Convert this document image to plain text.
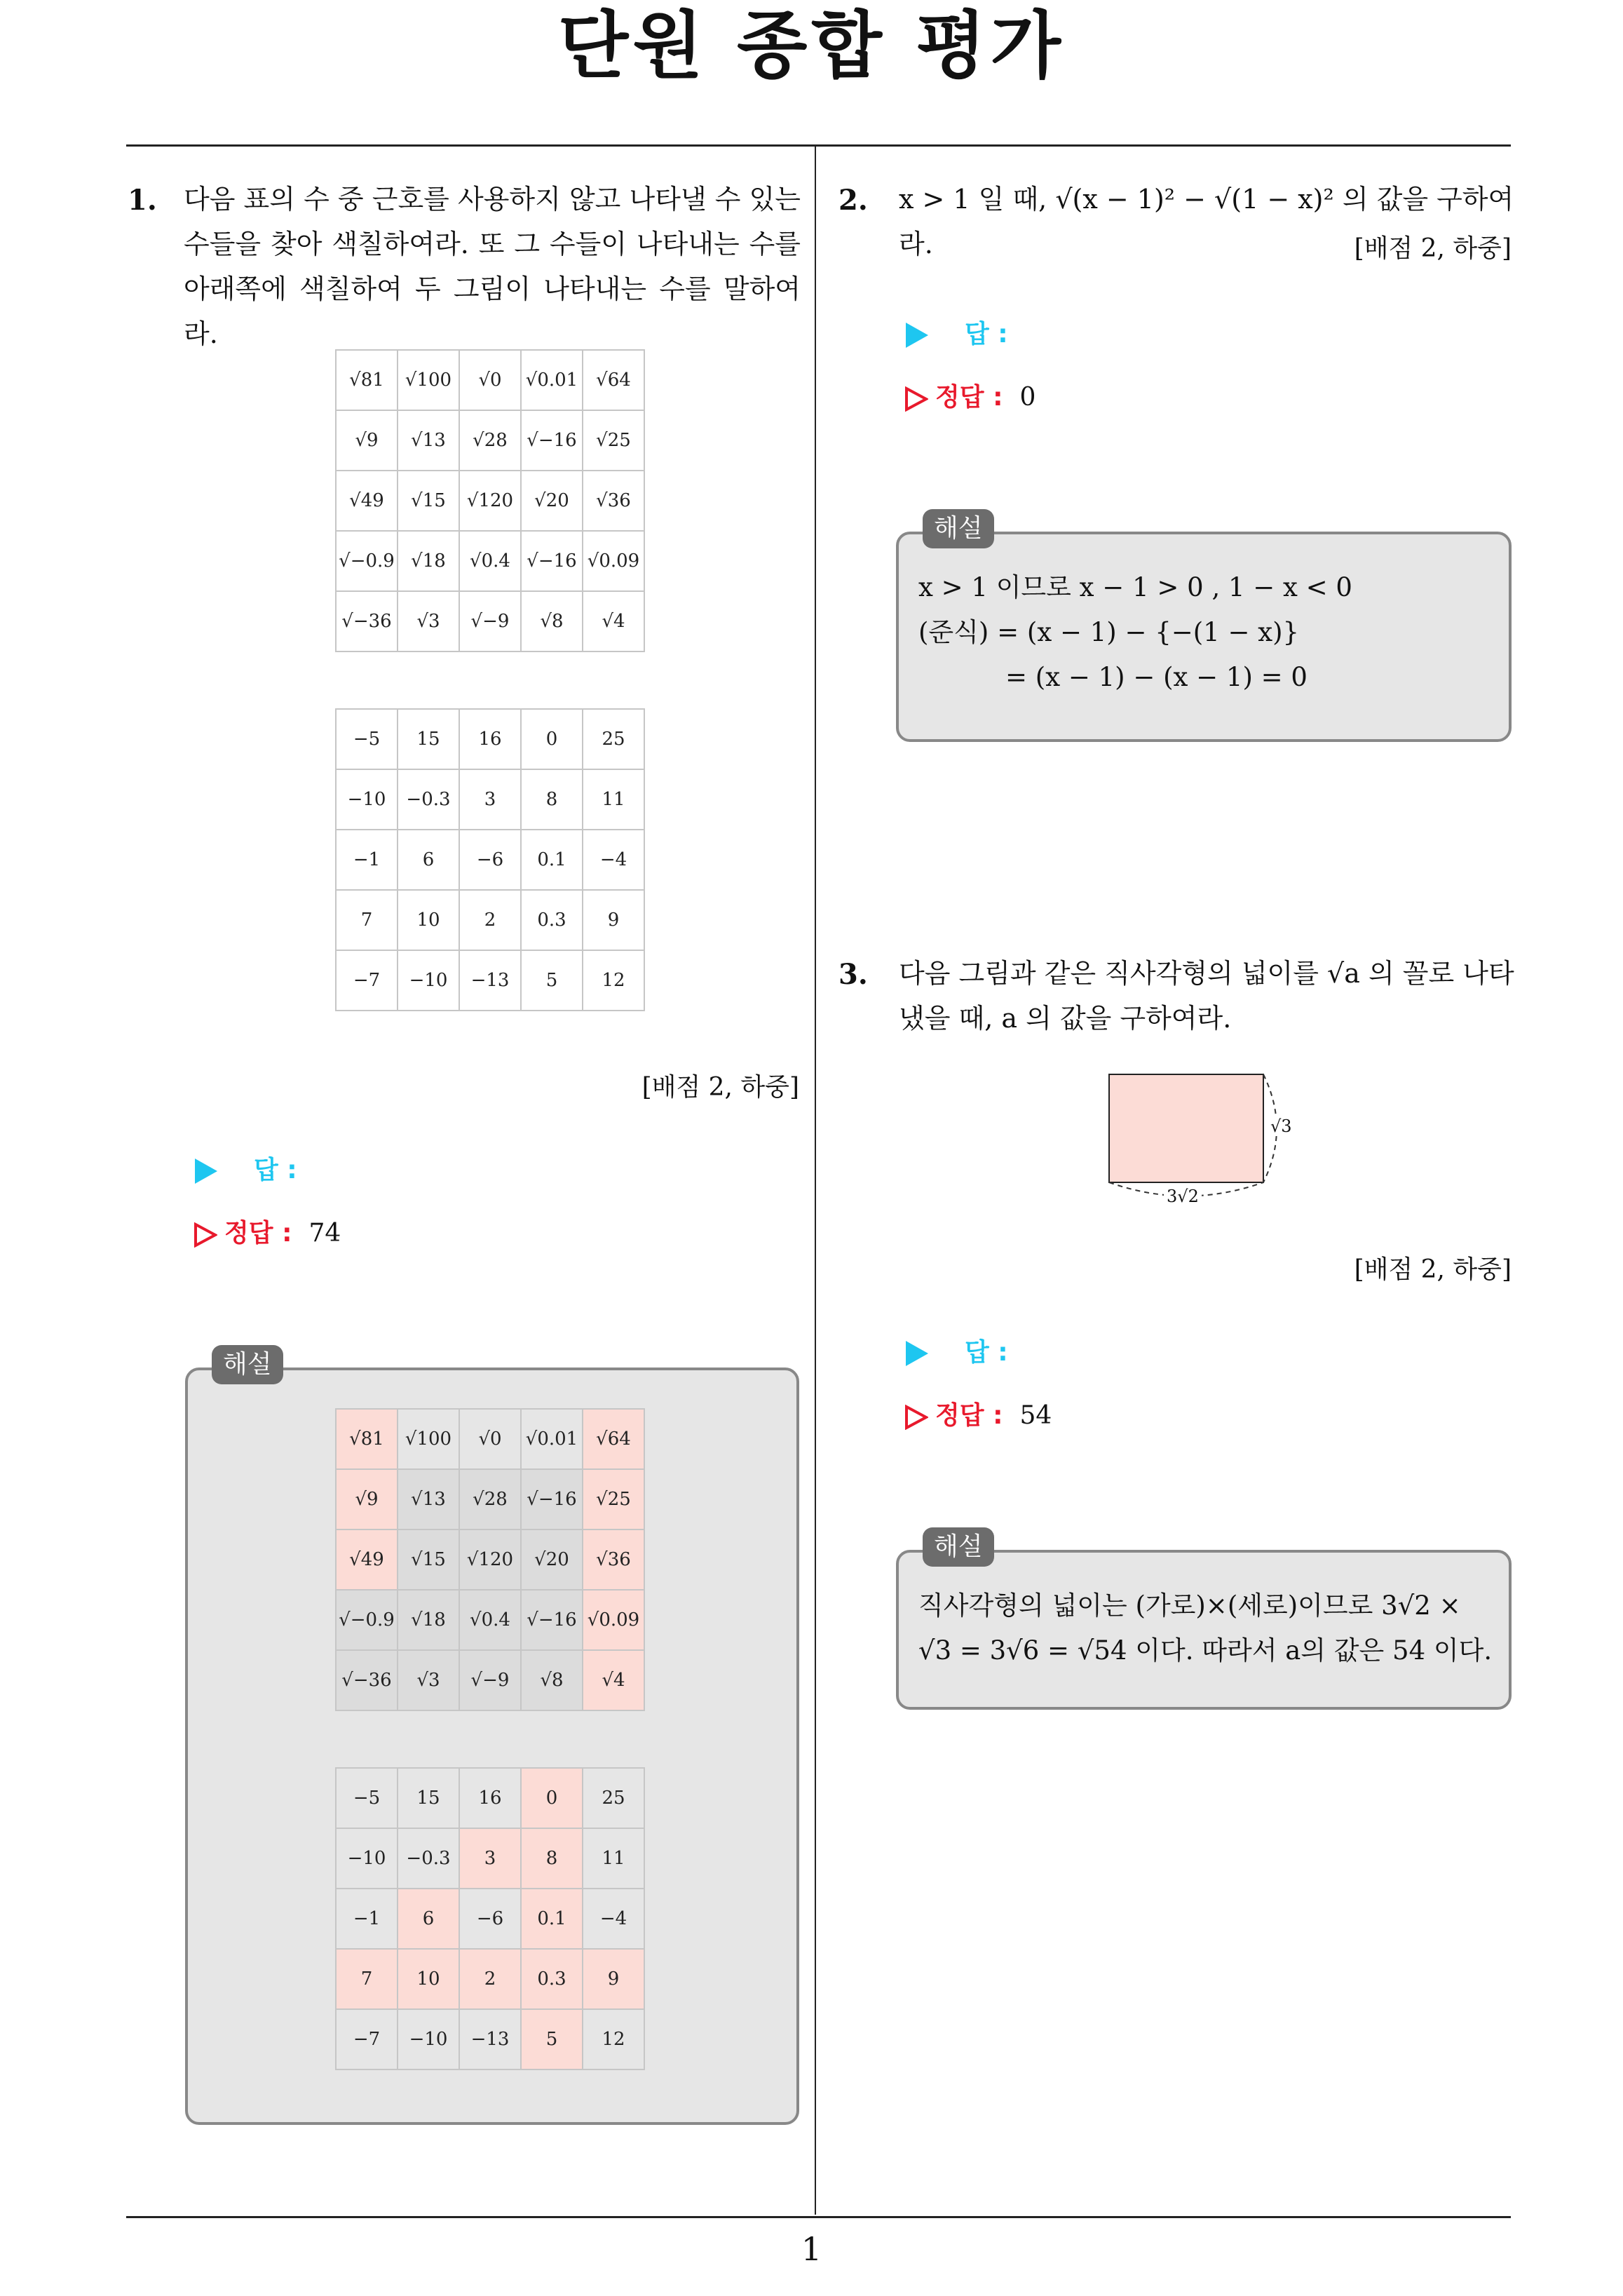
단원 종합 평가
1
1. 다음 표의 수 중 근호를 사용하지 않고 나타낼 수 있는 수들을 찾아 색칠하여라. 또 그 수들이 나타내는 수를 아래쪽에 색칠하여 두 그림이 나타내는 수를 말하여라.
√81	√100	√0	√0.01	√64
√9	√13	√28	√−16	√25
√49	√15	√120	√20	√36
√−0.9	√18	√0.4	√−16	√0.09
√−36	√3	√−9	√8	√4
−5	15	16	0	25
−10	−0.3	3	8	11
−1	6	−6	0.1	−4
7	10	2	0.3	9
−7	−10	−13	5	12
[배점 2, 하중]
답 :
정답 : 74
해설
√81	√100	√0	√0.01	√64
√9	√13	√28	√−16	√25
√49	√15	√120	√20	√36
√−0.9	√18	√0.4	√−16	√0.09
√−36	√3	√−9	√8	√4
−5	15	16	0	25
−10	−0.3	3	8	11
−1	6	−6	0.1	−4
7	10	2	0.3	9
−7	−10	−13	5	12
2. x > 1 일 때, √(x − 1)² − √(1 − x)² 의 값을 구하여
라.	[배점 2, 하중]
답 :
정답 : 0
해설
x > 1 이므로 x − 1 > 0 , 1 − x < 0
(준식) = (x − 1) − {−(1 − x)}
= (x − 1) − (x − 1) = 0
3. 다음 그림과 같은 직사각형의 넓이를 √a 의 꼴로 나타
냈을 때, a 의 값을 구하여라.
√3
3√2
[배점 2, 하중]
답 :
정답 : 54
해설
직사각형의 넓이는 (가로)×(세로)이므로 3√2 ×
√3 = 3√6 = √54 이다. 따라서 a의 값은 54 이다.
